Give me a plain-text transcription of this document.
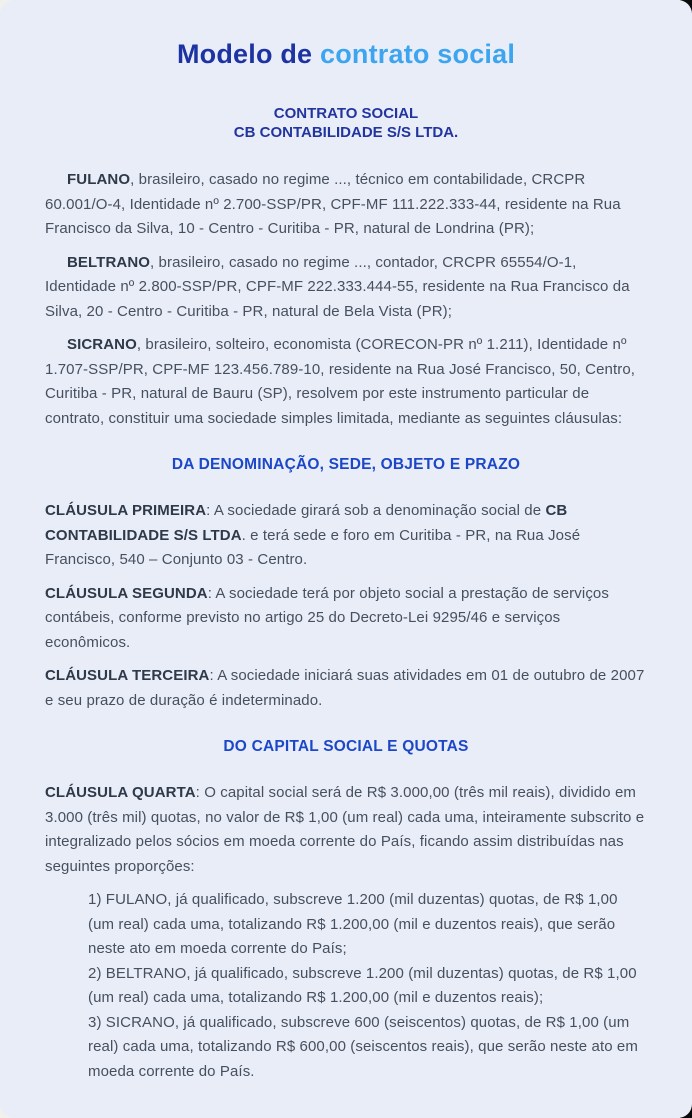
Modelo de contrato social
CONTRATO SOCIAL
CB CONTABILIDADE S/S LTDA.

FULANO, brasileiro, casado no regime ..., técnico em contabilidade, CRCPR 60.001/O-4, Identidade nº 2.700-SSP/PR, CPF-MF 111.222.333-44, residente na Rua Francisco da Silva, 10 - Centro - Curitiba - PR, natural de Londrina (PR);

BELTRANO, brasileiro, casado no regime ..., contador, CRCPR 65554/O-1, Identidade nº 2.800-SSP/PR, CPF-MF 222.333.444-55, residente na Rua Francisco da Silva, 20 - Centro - Curitiba - PR, natural de Bela Vista (PR);

SICRANO, brasileiro, solteiro, economista (CORECON-PR nº 1.211), Identidade nº 1.707-SSP/PR, CPF-MF 123.456.789-10, residente na Rua José Francisco, 50, Centro, Curitiba - PR, natural de Bauru (SP), resolvem por este instrumento particular de contrato, constituir uma sociedade simples limitada, mediante as seguintes cláusulas:

DA DENOMINAÇÃO, SEDE, OBJETO E PRAZO

CLÁUSULA PRIMEIRA: A sociedade girará sob a denominação social de CB CONTABILIDADE S/S LTDA. e terá sede e foro em Curitiba - PR, na Rua José Francisco, 540 – Conjunto 03 - Centro.

CLÁUSULA SEGUNDA: A sociedade terá por objeto social a prestação de serviços contábeis, conforme previsto no artigo 25 do Decreto-Lei 9295/46 e serviços econômicos.

CLÁUSULA TERCEIRA: A sociedade iniciará suas atividades em 01 de outubro de 2007 e seu prazo de duração é indeterminado.

DO CAPITAL SOCIAL E QUOTAS

CLÁUSULA QUARTA: O capital social será de R$ 3.000,00 (três mil reais), dividido em 3.000 (três mil) quotas, no valor de R$ 1,00 (um real) cada uma, inteiramente subscrito e integralizado pelos sócios em moeda corrente do País, ficando assim distribuídas nas seguintes proporções:

1) FULANO, já qualificado, subscreve 1.200 (mil duzentas) quotas, de R$ 1,00 (um real) cada uma, totalizando R$ 1.200,00 (mil e duzentos reais), que serão neste ato em moeda corrente do País;
2) BELTRANO, já qualificado, subscreve 1.200 (mil duzentas) quotas, de R$ 1,00 (um real) cada uma, totalizando R$ 1.200,00 (mil e duzentos reais);
3) SICRANO, já qualificado, subscreve 600 (seiscentos) quotas, de R$ 1,00 (um real) cada uma, totalizando R$ 600,00 (seiscentos reais), que serão neste ato em moeda corrente do País.
